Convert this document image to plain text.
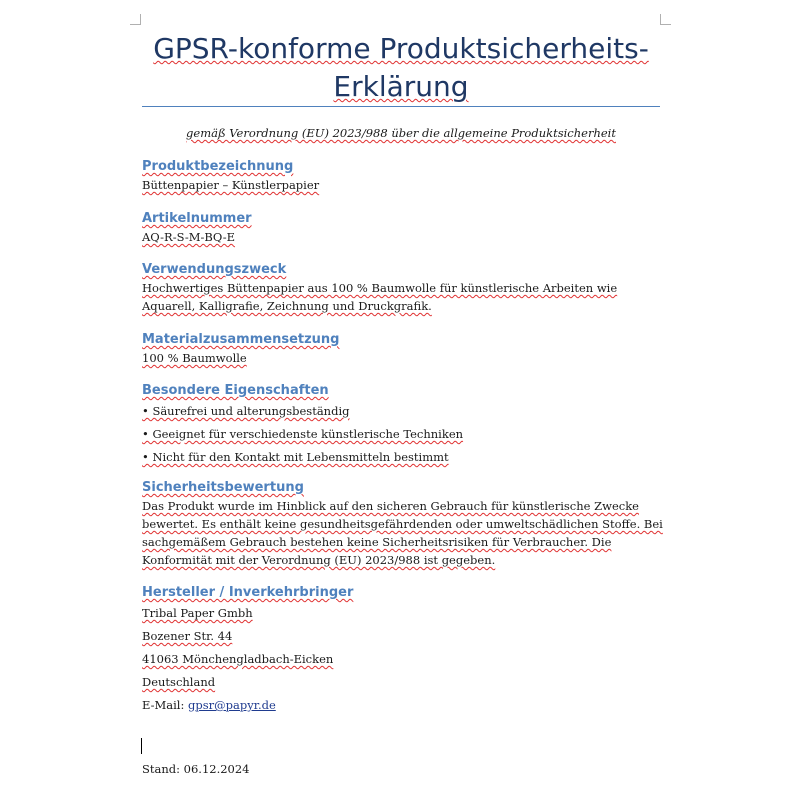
GPSR-konforme Produktsicherheits-Erklärung

gemäß Verordnung (EU) 2023/988 über die allgemeine Produktsicherheit

Produktbezeichnung

Büttenpapier – Künstlerpapier

Artikelnummer

AQ-R-S-M-BQ-E

Verwendungszweck

Hochwertiges Büttenpapier aus 100 % Baumwolle für künstlerische Arbeiten wie Aquarell, Kalligrafie, Zeichnung und Druckgrafik.

Materialzusammensetzung

100 % Baumwolle

Besondere Eigenschaften

• Säurefrei und alterungsbeständig

• Geeignet für verschiedenste künstlerische Techniken

• Nicht für den Kontakt mit Lebensmitteln bestimmt

Sicherheitsbewertung

Das Produkt wurde im Hinblick auf den sicheren Gebrauch für künstlerische Zwecke bewertet. Es enthält keine gesundheitsgefährdenden oder umweltschädlichen Stoffe. Bei sachgemäßem Gebrauch bestehen keine Sicherheitsrisiken für Verbraucher. Die Konformität mit der Verordnung (EU) 2023/988 ist gegeben.

Hersteller / Inverkehrbringer

Tribal Paper Gmbh

Bozener Str. 44

41063 Mönchengladbach-Eicken

Deutschland

E-Mail: gpsr@papyr.de

Stand: 06.12.2024
